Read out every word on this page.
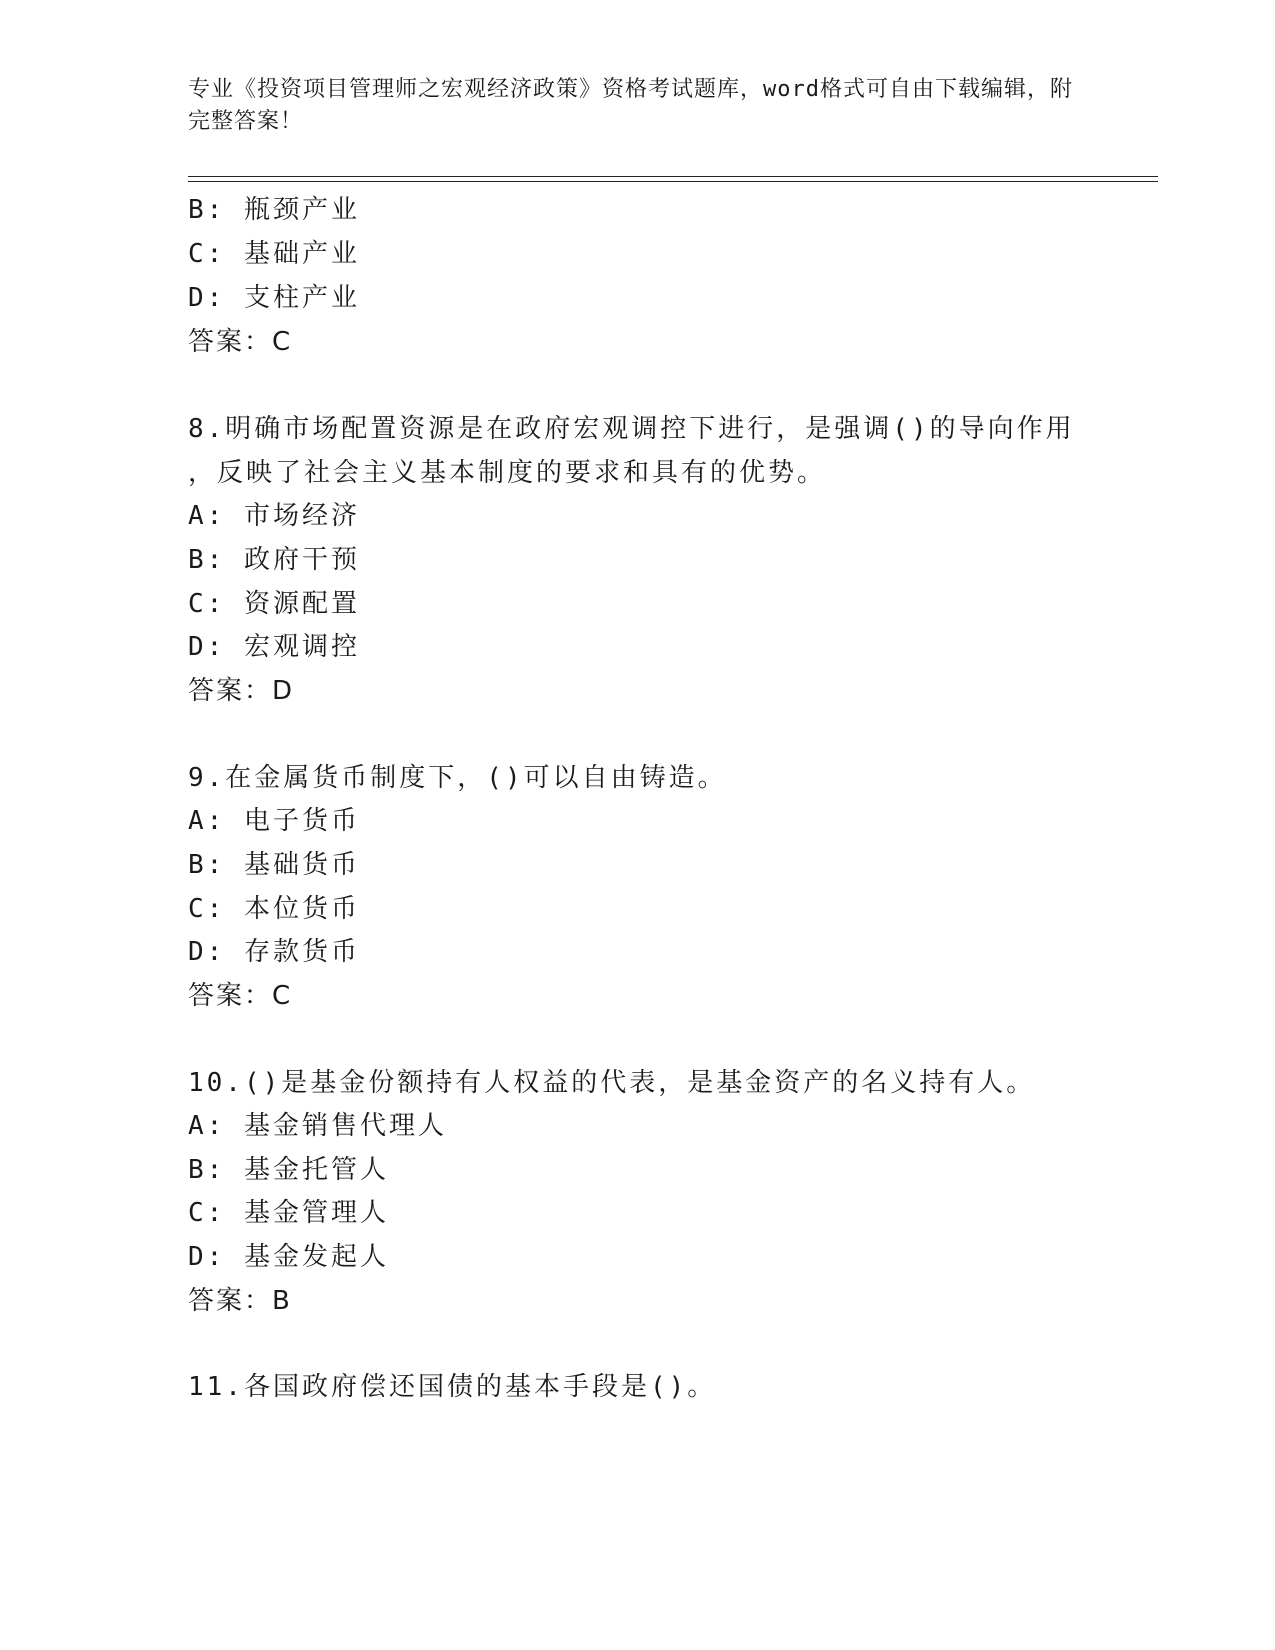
专业《投资项目管理师之宏观经济政策》资格考试题库，word格式可自由下载编辑，附完整答案！
B: 瓶颈产业
C: 基础产业
D: 支柱产业
答案：C
8.明确市场配置资源是在政府宏观调控下进行，是强调()的导向作用
，反映了社会主义基本制度的要求和具有的优势。
A: 市场经济
B: 政府干预
C: 资源配置
D: 宏观调控
答案：D
9.在金属货币制度下，()可以自由铸造。
A: 电子货币
B: 基础货币
C: 本位货币
D: 存款货币
答案：C
10.()是基金份额持有人权益的代表，是基金资产的名义持有人。
A: 基金销售代理人
B: 基金托管人
C: 基金管理人
D: 基金发起人
答案：B
11.各国政府偿还国债的基本手段是()。
